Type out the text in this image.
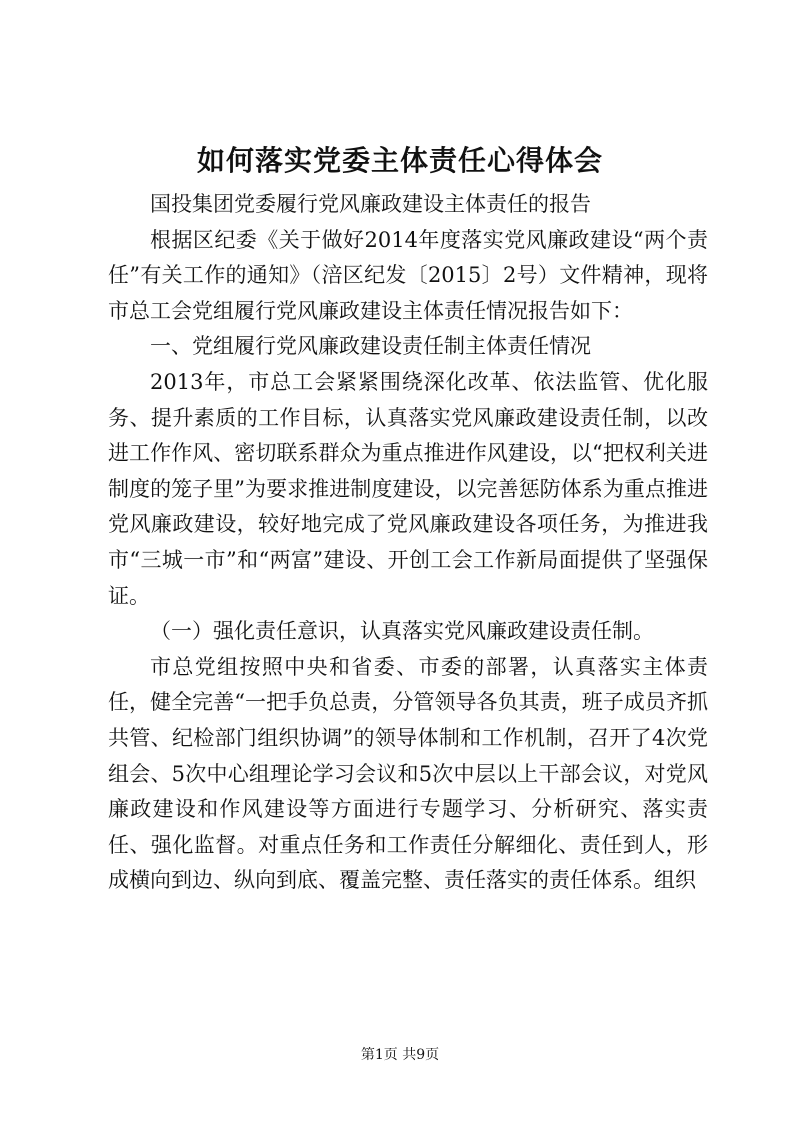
如何落实党委主体责任心得体会

国投集团党委履行党风廉政建设主体责任的报告

根据区纪委《关于做好2014年度落实党风廉政建设“两个责任”有关工作的通知》（涪区纪发〔2015〕2号）文件精神，现将市总工会党组履行党风廉政建设主体责任情况报告如下：

一、党组履行党风廉政建设责任制主体责任情况

2013年，市总工会紧紧围绕深化改革、依法监管、优化服务、提升素质的工作目标，认真落实党风廉政建设责任制，以改进工作作风、密切联系群众为重点推进作风建设，以“把权利关进制度的笼子里”为要求推进制度建设，以完善惩防体系为重点推进党风廉政建设，较好地完成了党风廉政建设各项任务，为推进我市“三城一市”和“两富”建设、开创工会工作新局面提供了坚强保证。

（一）强化责任意识，认真落实党风廉政建设责任制。

市总党组按照中央和省委、市委的部署，认真落实主体责任，健全完善“一把手负总责，分管领导各负其责，班子成员齐抓共管、纪检部门组织协调”的领导体制和工作机制，召开了4次党组会、5次中心组理论学习会议和5次中层以上干部会议，对党风廉政建设和作风建设等方面进行专题学习、分析研究、落实责任、强化监督。对重点任务和工作责任分解细化、责任到人，形成横向到边、纵向到底、覆盖完整、责任落实的责任体系。组织

第1页 共9页
